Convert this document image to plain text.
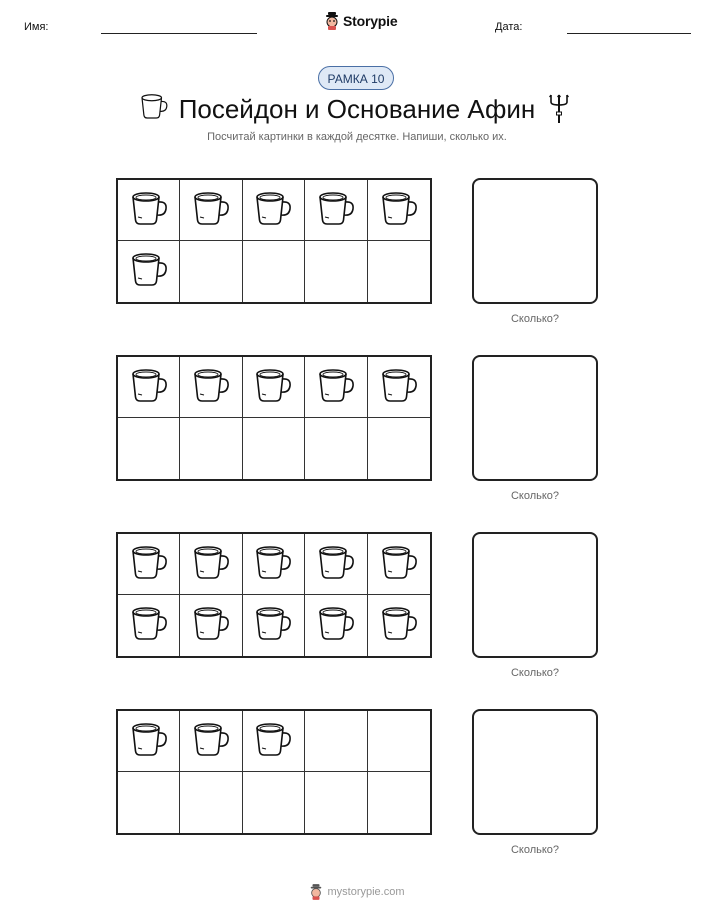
Имя:	Storypie	Дата:
РАМКА 10
Посейдон и Основание Афин
Посчитай картинки в каждой десятке. Напиши, сколько их.
Сколько?
Сколько?
Сколько?
Сколько?
mystorypie.com
